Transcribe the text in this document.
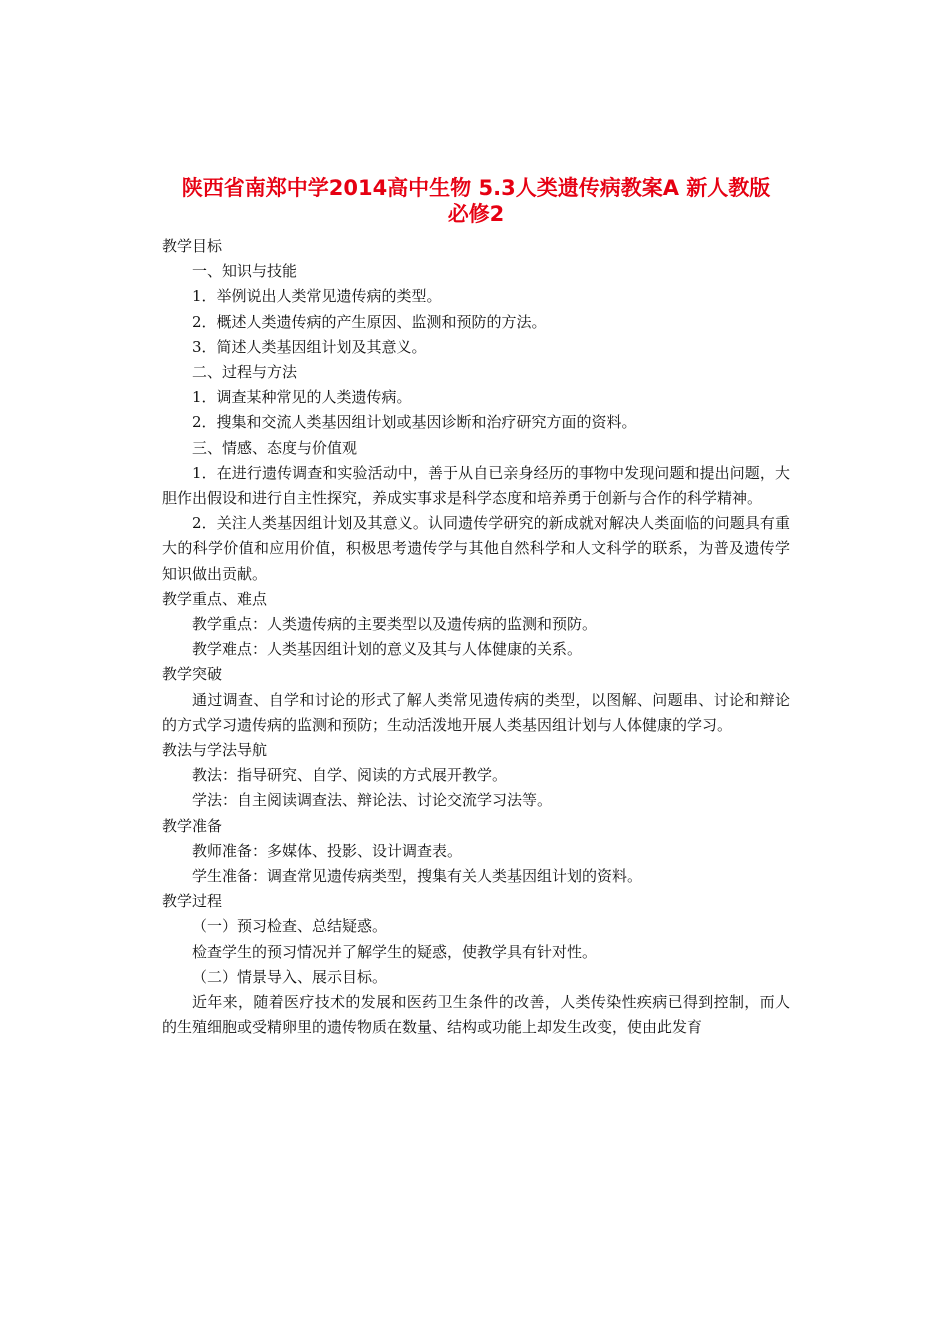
陕西省南郑中学2014高中生物 5.3人类遗传病教案A 新人教版
必修2

教学目标

一、知识与技能

1．举例说出人类常见遗传病的类型。

2．概述人类遗传病的产生原因、监测和预防的方法。

3．简述人类基因组计划及其意义。

二、过程与方法

1．调查某种常见的人类遗传病。

2．搜集和交流人类基因组计划或基因诊断和治疗研究方面的资料。

三、情感、态度与价值观

1．在进行遗传调查和实验活动中，善于从自已亲身经历的事物中发现问题和提出问题，大胆作出假设和进行自主性探究，养成实事求是科学态度和培养勇于创新与合作的科学精神。

2．关注人类基因组计划及其意义。认同遗传学研究的新成就对解决人类面临的问题具有重大的科学价值和应用价值，积极思考遗传学与其他自然科学和人文科学的联系，为普及遗传学知识做出贡献。

教学重点、难点

教学重点：人类遗传病的主要类型以及遗传病的监测和预防。

教学难点：人类基因组计划的意义及其与人体健康的关系。

教学突破

通过调查、自学和讨论的形式了解人类常见遗传病的类型，以图解、问题串、讨论和辩论的方式学习遗传病的监测和预防；生动活泼地开展人类基因组计划与人体健康的学习。

教法与学法导航

教法：指导研究、自学、阅读的方式展开教学。

学法：自主阅读调查法、辩论法、讨论交流学习法等。

教学准备

教师准备：多媒体、投影、设计调查表。

学生准备：调查常见遗传病类型，搜集有关人类基因组计划的资料。

教学过程

（一）预习检查、总结疑惑。

检查学生的预习情况并了解学生的疑惑，使教学具有针对性。

（二）情景导入、展示目标。

近年来，随着医疗技术的发展和医药卫生条件的改善，人类传染性疾病已得到控制，而人的生殖细胞或受精卵里的遗传物质在数量、结构或功能上却发生改变，使由此发育
